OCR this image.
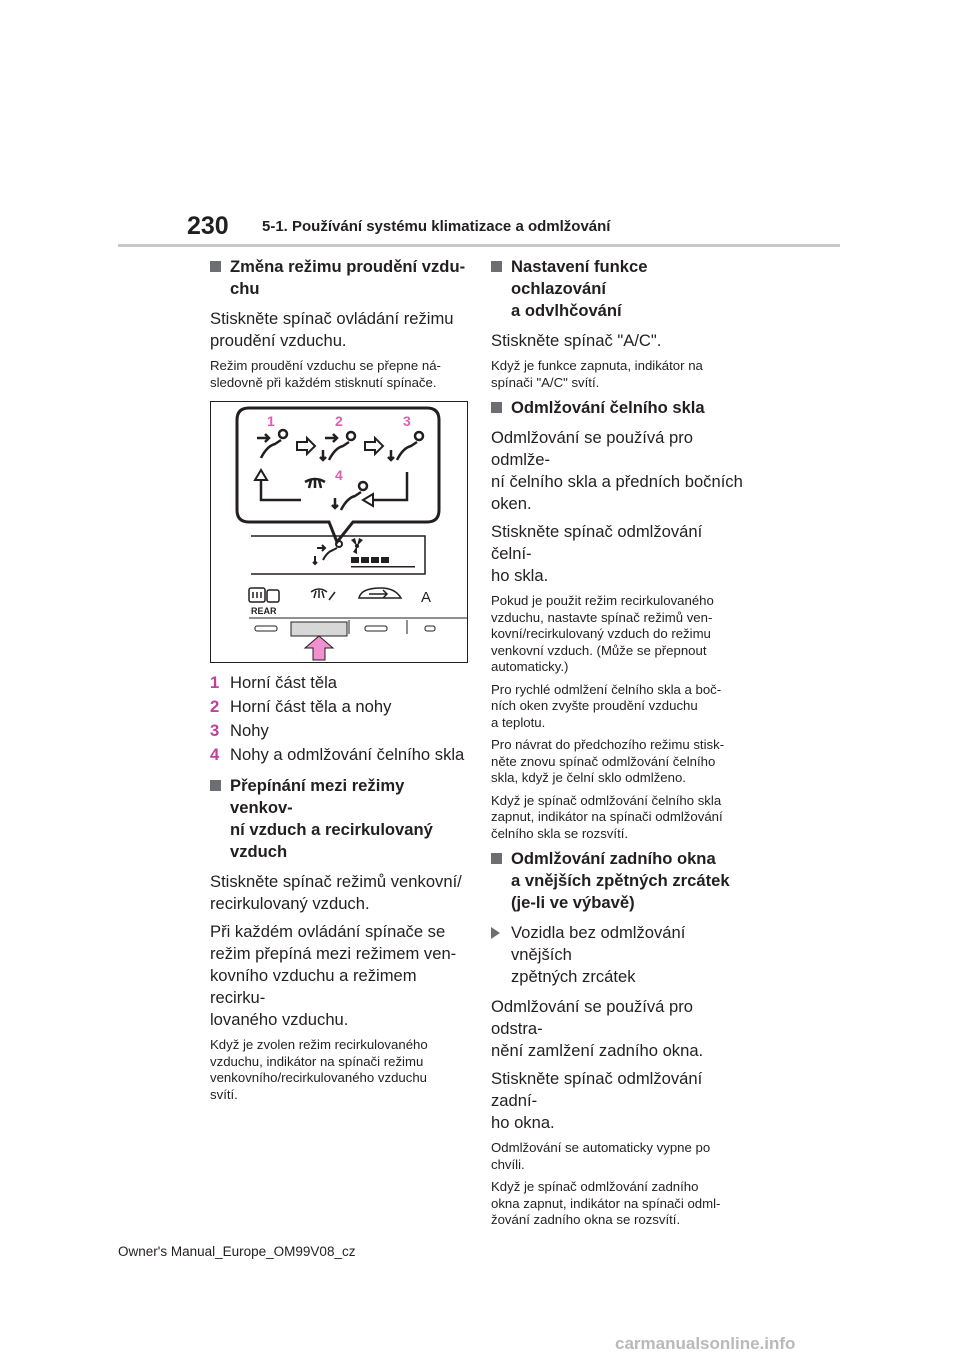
230 5-1. Používání systému klimatizace a odmlžování
Změna režimu proudění vzdu-
chu
Stiskněte spínač ovládání režimu
proudění vzduchu.
Režim proudění vzduchu se přepne ná-
sledovně při každém stisknutí spínače.
1	2	3
4
REAR
A
1 Horní část těla
2 Horní část těla a nohy
3 Nohy
4 Nohy a odmlžování čelního skla
Přepínání mezi režimy venkov-
ní vzduch a recirkulovaný
vzduch
Stiskněte spínač režimů venkovní/
recirkulovaný vzduch.
Při každém ovládání spínače se
režim přepíná mezi režimem ven-
kovního vzduchu a režimem recirku-
lovaného vzduchu.
Když je zvolen režim recirkulovaného
vzduchu, indikátor na spínači režimu
venkovního/recirkulovaného vzduchu
svítí.
Nastavení funkce ochlazování
a odvlhčování
Stiskněte spínač "A/C".
Když je funkce zapnuta, indikátor na
spínači "A/C" svítí.
Odmlžování čelního skla
Odmlžování se používá pro odmlže-
ní čelního skla a předních bočních
oken.
Stiskněte spínač odmlžování čelní-
ho skla.
Pokud je použit režim recirkulovaného
vzduchu, nastavte spínač režimů ven-
kovní/recirkulovaný vzduch do režimu
venkovní vzduch. (Může se přepnout
automaticky.)
Pro rychlé odmlžení čelního skla a boč-
ních oken zvyšte proudění vzduchu
a teplotu.
Pro návrat do předchozího režimu stisk-
něte znovu spínač odmlžování čelního
skla, když je čelní sklo odmlženo.
Když je spínač odmlžování čelního skla
zapnut, indikátor na spínači odmlžování
čelního skla se rozsvítí.
Odmlžování zadního okna
a vnějších zpětných zrcátek
(je-li ve výbavě)
Vozidla bez odmlžování vnějších
zpětných zrcátek
Odmlžování se používá pro odstra-
nění zamlžení zadního okna.
Stiskněte spínač odmlžování zadní-
ho okna.
Odmlžování se automaticky vypne po
chvíli.
Když je spínač odmlžování zadního
okna zapnut, indikátor na spínači odml-
žování zadního okna se rozsvítí.
Owner's Manual_Europe_OM99V08_cz
carmanualsonline.info
